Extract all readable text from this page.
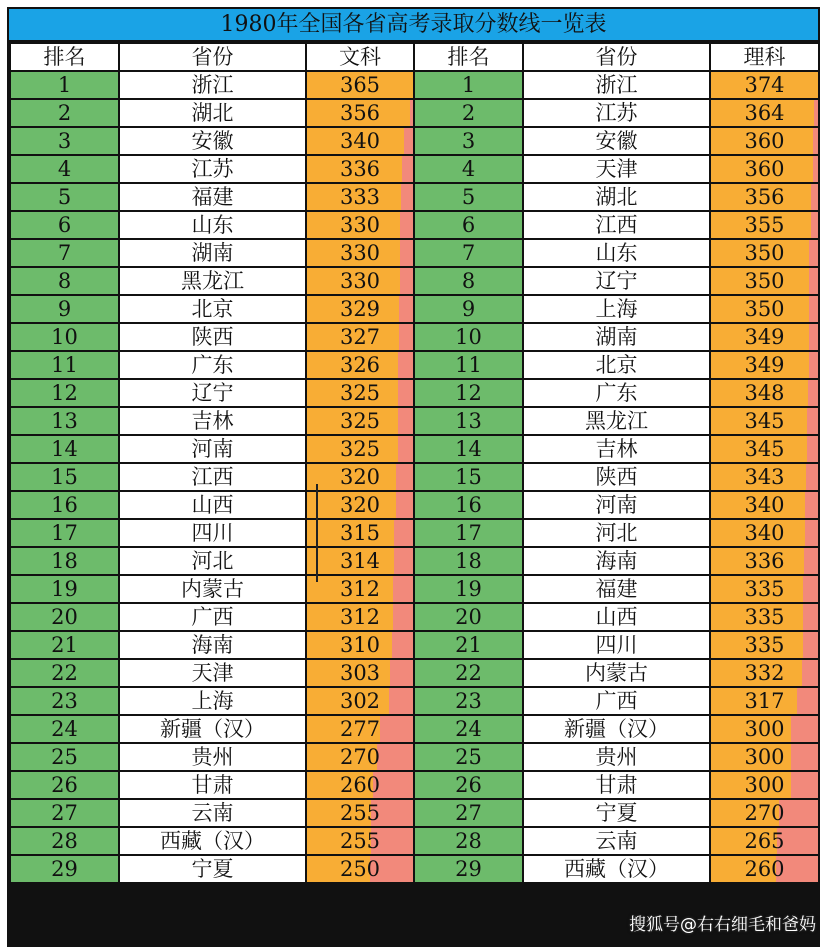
1980年全国各省高考录取分数线一览表
排名	省份	文科	排名	省份	理科
1	浙江	365	1	浙江	374
2	湖北	356	2	江苏	364
3	安徽	340	3	安徽	360
4	江苏	336	4	天津	360
5	福建	333	5	湖北	356
6	山东	330	6	江西	355
7	湖南	330	7	山东	350
8	黑龙江	330	8	辽宁	350
9	北京	329	9	上海	350
10	陕西	327	10	湖南	349
11	广东	326	11	北京	349
12	辽宁	325	12	广东	348
13	吉林	325	13	黑龙江	345
14	河南	325	14	吉林	345
15	江西	320	15	陕西	343
16	山西	320	16	河南	340
17	四川	315	17	河北	340
18	河北	314	18	海南	336
19	内蒙古	312	19	福建	335
20	广西	312	20	山西	335
21	海南	310	21	四川	335
22	天津	303	22	内蒙古	332
23	上海	302	23	广西	317
24	新疆（汉）	277	24	新疆（汉）	300
25	贵州	270	25	贵州	300
26	甘肃	260	26	甘肃	300
27	云南	255	27	宁夏	270
28	西藏（汉）	255	28	云南	265
29	宁夏	250	29	西藏（汉）	260
搜狐号@右右细毛和爸妈
